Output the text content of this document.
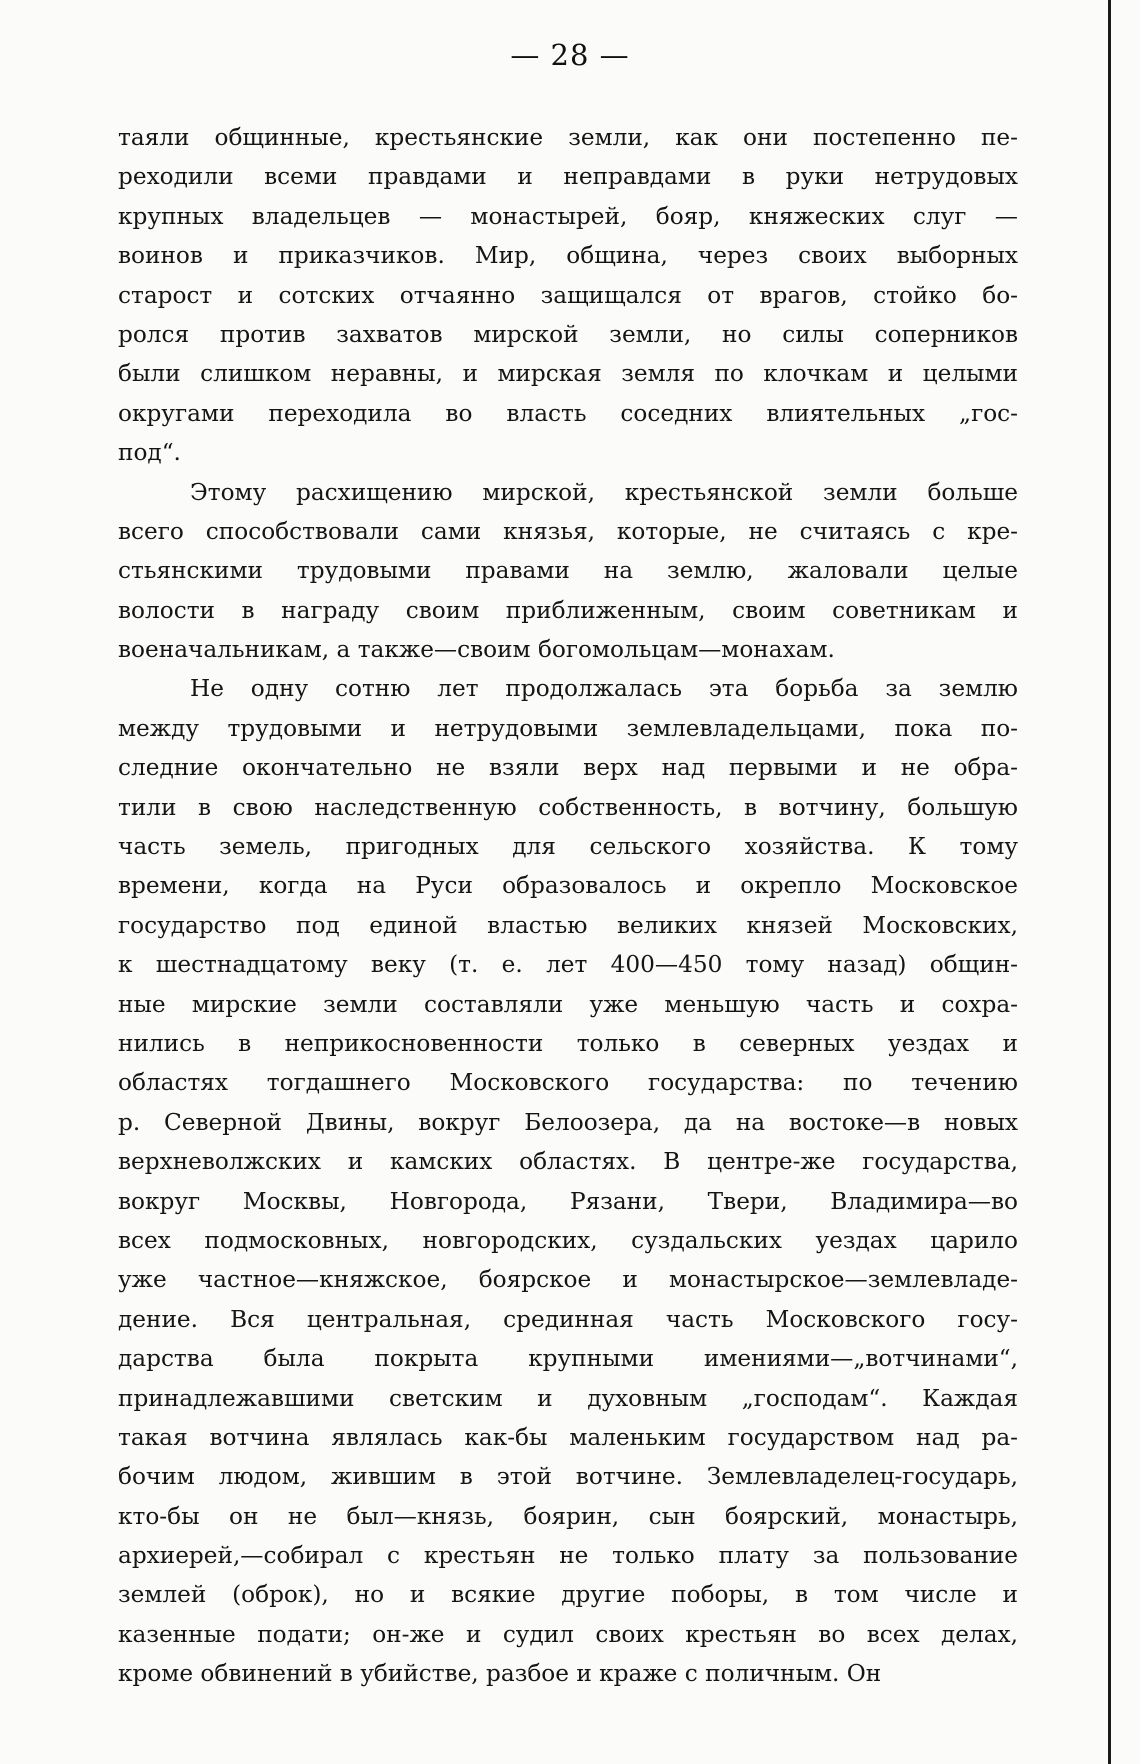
— 28 —
таяли общинные, крестьянские земли, как они постепенно пе-
реходили всеми правдами и неправдами в руки нетрудовых
крупных владельцев — монастырей, бояр, княжеских слуг —
воинов и приказчиков. Мир, община, через своих выборных
старост и сотских отчаянно защищался от врагов, стойко бо-
ролся против захватов мирской земли, но силы соперников
были слишком неравны, и мирская земля по клочкам и целыми
округами переходила во власть соседних влиятельных „гос-
под“.
Этому расхищению мирской, крестьянской земли больше
всего способствовали сами князья, которые, не считаясь с кре-
стьянскими трудовыми правами на землю, жаловали целые
волости в награду своим приближенным, своим советникам и
военачальникам, а также—своим богомольцам—монахам.
Не одну сотню лет продолжалась эта борьба за землю
между трудовыми и нетрудовыми землевладельцами, пока по-
следние окончательно не взяли верх над первыми и не обра-
тили в свою наследственную собственность, в вотчину, большую
часть земель, пригодных для сельского хозяйства. К тому
времени, когда на Руси образовалось и окрепло Московское
государство под единой властью великих князей Московских,
к шестнадцатому веку (т. е. лет 400—450 тому назад) общин-
ные мирские земли составляли уже меньшую часть и сохра-
нились в неприкосновенности только в северных уездах и
областях тогдашнего Московского государства: по течению
р. Северной Двины, вокруг Белоозера, да на востоке—в новых
верхневолжских и камских областях. В центре-же государства,
вокруг Москвы, Новгорода, Рязани, Твери, Владимира—во
всех подмосковных, новгородских, суздальских уездах царило
уже частное—княжское, боярское и монастырское—землевладе-
дение. Вся центральная, срединная часть Московского госу-
дарства была покрыта крупными имениями—„вотчинами“,
принадлежавшими светским и духовным „господам“. Каждая
такая вотчина являлась как-бы маленьким государством над ра-
бочим людом, жившим в этой вотчине. Землевладелец-государь,
кто-бы он не был—князь, боярин, сын боярский, монастырь,
архиерей,—собирал с крестьян не только плату за пользование
землей (оброк), но и всякие другие поборы, в том числе и
казенные подати; он-же и судил своих крестьян во всех делах,
кроме обвинений в убийстве, разбое и краже с поличным. Он
